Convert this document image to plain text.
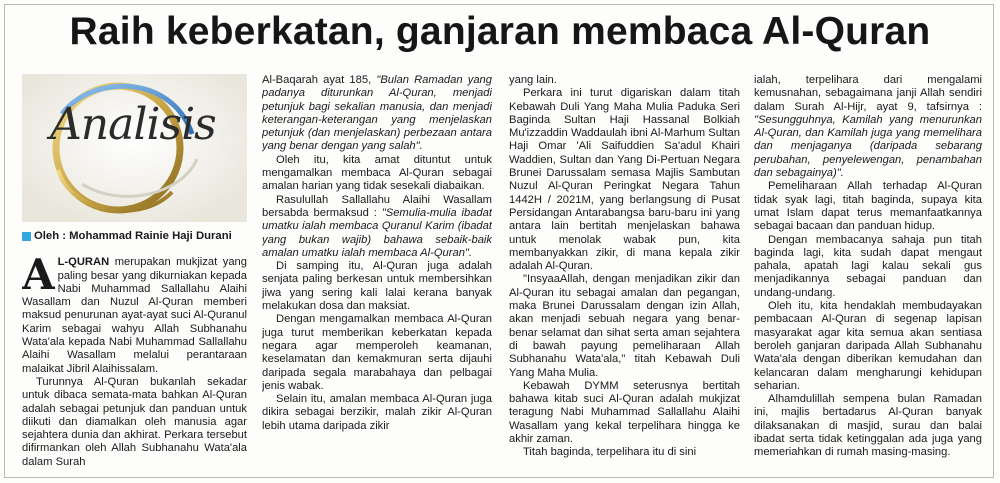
Raih keberkatan, ganjaran membaca Al-Quran
Analisis
Oleh : Mohammad Rainie Haji Durani

A L-QURAN merupakan mukjizat yang paling besar yang dikurniakan kepada Nabi Muhammad Sallallahu Alaihi Wasallam dan Nuzul Al-Quran memberi maksud penurunan ayat-ayat suci Al-Quranul Karim sebagai wahyu Allah Subhanahu Wata'ala kepada Nabi Muhammad Sallallahu Alaihi Wasallam melalui perantaraan malaikat Jibril Alaihissalam.

Turunnya Al-Quran bukanlah sekadar untuk dibaca semata-mata bahkan Al-Quran adalah sebagai petunjuk dan panduan untuk diikuti dan diamalkan oleh manusia agar sejahtera dunia dan akhirat. Perkara tersebut difirmankan oleh Allah Subhanahu Wata'ala dalam Surah

Al-Baqarah ayat 185, "Bulan Ramadan yang padanya diturunkan Al-Quran, menjadi petunjuk bagi sekalian manusia, dan menjadi keterangan-keterangan yang menjelaskan petunjuk (dan menjelaskan) perbezaan antara yang benar dengan yang salah".

Oleh itu, kita amat dituntut untuk mengamalkan membaca Al-Quran sebagai amalan harian yang tidak sesekali diabaikan.

Rasulullah Sallallahu Alaihi Wasallam bersabda bermaksud : "Semulia-mulia ibadat umatku ialah membaca Quranul Karim (ibadat yang bukan wajib) bahawa sebaik-baik amalan umatku ialah membaca Al-Quran".

Di samping itu, Al-Quran juga adalah senjata paling berkesan untuk membersihkan jiwa yang sering kali lalai kerana banyak melakukan dosa dan maksiat.

Dengan mengamalkan membaca Al-Quran juga turut memberikan keberkatan kepada negara agar memperoleh keamanan, keselamatan dan kemakmuran serta dijauhi daripada segala marabahaya dan pelbagai jenis wabak.

Selain itu, amalan membaca Al-Quran juga dikira sebagai berzikir, malah zikir Al-Quran lebih utama daripada zikir

yang lain.

Perkara ini turut digariskan dalam titah Kebawah Duli Yang Maha Mulia Paduka Seri Baginda Sultan Haji Hassanal Bolkiah Mu'izzaddin Waddaulah ibni Al-Marhum Sultan Haji Omar 'Ali Saifuddien Sa'adul Khairi Waddien, Sultan dan Yang Di-Pertuan Negara Brunei Darussalam semasa Majlis Sambutan Nuzul Al-Quran Peringkat Negara Tahun 1442H / 2021M, yang berlangsung di Pusat Persidangan Antarabangsa baru-baru ini yang antara lain bertitah menjelaskan bahawa untuk menolak wabak pun, kita membanyakkan zikir, di mana kepala zikir adalah Al-Quran.

"InsyaaAllah, dengan menjadikan zikir dan Al-Quran itu sebagai amalan dan pegangan, maka Brunei Darussalam dengan izin Allah, akan menjadi sebuah negara yang benar-benar selamat dan sihat serta aman sejahtera di bawah payung pemeliharaan Allah Subhanahu Wata'ala," titah Kebawah Duli Yang Maha Mulia.

Kebawah DYMM seterusnya bertitah bahawa kitab suci Al-Quran adalah mukjizat teragung Nabi Muhammad Sallallahu Alaihi Wasallam yang kekal terpelihara hingga ke akhir zaman.

Titah baginda, terpelihara itu di sini

ialah, terpelihara dari mengalami kemusnahan, sebagaimana janji Allah sendiri dalam Surah Al-Hijr, ayat 9, tafsirnya : "Sesungguhnya, Kamilah yang menurunkan Al-Quran, dan Kamilah juga yang memelihara dan menjaganya (daripada sebarang perubahan, penyelewengan, penambahan dan sebagainya)".

Pemeliharaan Allah terhadap Al-Quran tidak syak lagi, titah baginda, supaya kita umat Islam dapat terus memanfaatkannya sebagai bacaan dan panduan hidup.

Dengan membacanya sahaja pun titah baginda lagi, kita sudah dapat mengaut pahala, apatah lagi kalau sekali gus menjadikannya sebagai panduan dan undang-undang.

Oleh itu, kita hendaklah membudayakan pembacaan Al-Quran di segenap lapisan masyarakat agar kita semua akan sentiasa beroleh ganjaran daripada Allah Subhanahu Wata'ala dengan diberikan kemudahan dan kelancaran dalam mengharungi kehidupan seharian.

Alhamdulillah sempena bulan Ramadan ini, majlis bertadarus Al-Quran banyak dilaksanakan di masjid, surau dan balai ibadat serta tidak ketinggalan ada juga yang memeriahkan di rumah masing-masing.
